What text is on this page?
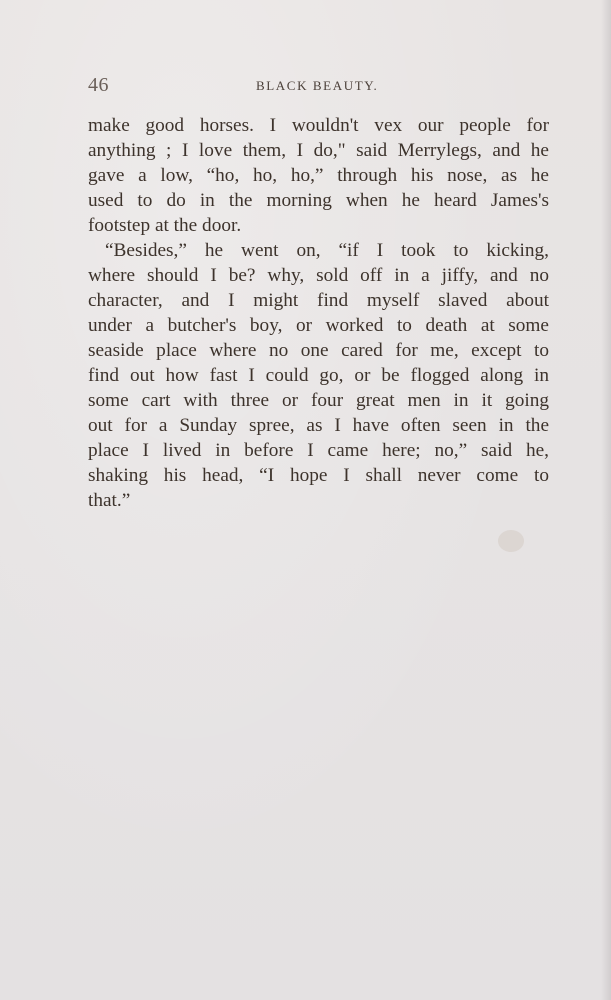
46	BLACK BEAUTY.
make good horses. I wouldn't vex our people for
anything ; I love them, I do," said Merrylegs, and he
gave a low, “ho, ho, ho,” through his nose, as he
used to do in the morning when he heard James's
footstep at the door.
“Besides,” he went on, “if I took to kicking,
where should I be? why, sold off in a jiffy, and no
character, and I might find myself slaved about
under a butcher's boy, or worked to death at some
seaside place where no one cared for me, except to
find out how fast I could go, or be flogged along in
some cart with three or four great men in it going
out for a Sunday spree, as I have often seen in the
place I lived in before I came here; no,” said he,
shaking his head, “I hope I shall never come to
that.”
